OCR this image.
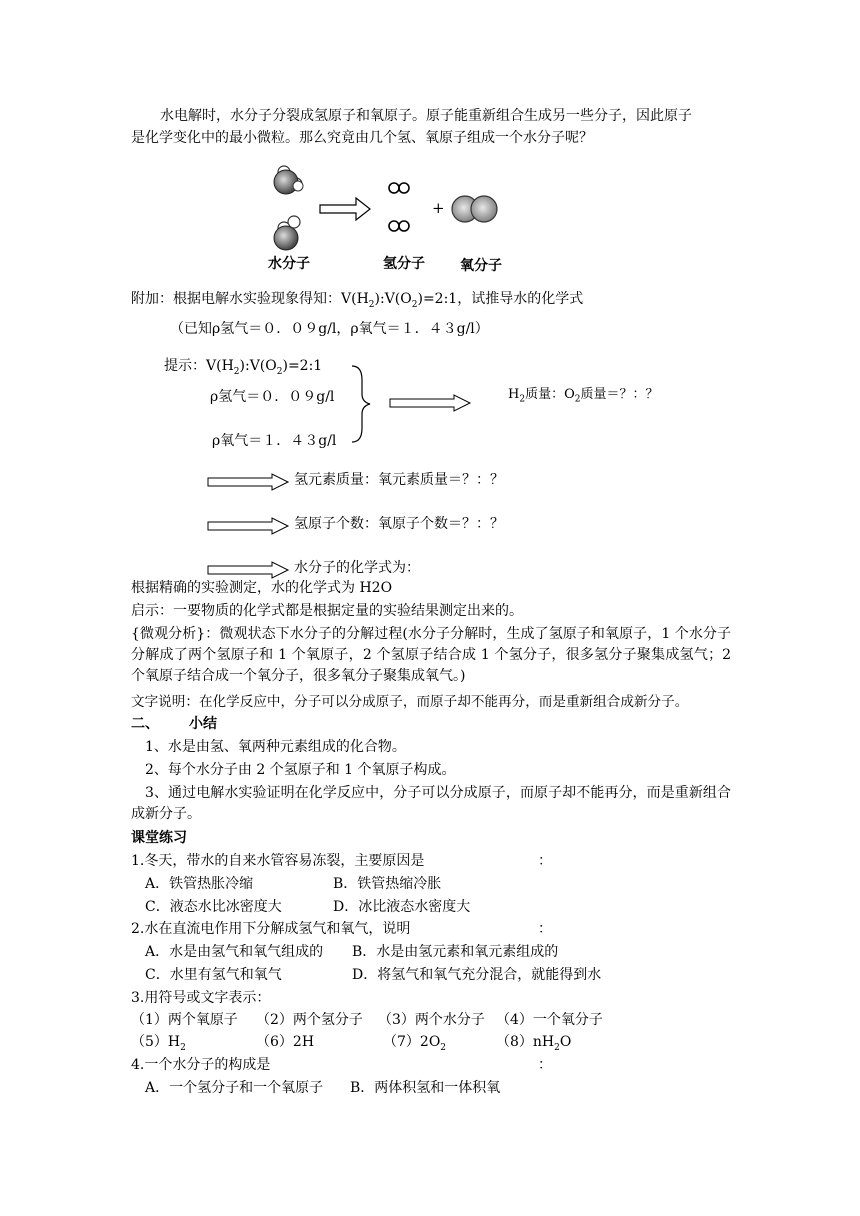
水电解时，水分子分裂成氢原子和氧原子。原子能重新组合生成另一些分子，因此原子
是化学变化中的最小微粒。那么究竟由几个氢、氧原子组成一个水分子呢？
+
水分子	氢分子	氧分子
附加：根据电解水实验现象得知：$V(H_2):V(O_2)=2:1$，试推导水的化学式
（已知ρ氢气＝０．０９g/l，ρ氧气＝１．４３g/l）
提示：$V(H_2):V(O_2)=2:1$
ρ氢气＝０．０９g/l
ρ氧气＝１．４３g/l
$H_2$质量：$O_2$质量＝？：？
氢元素质量：氧元素质量＝？：？
氢原子个数：氧原子个数＝？：？
水分子的化学式为：
根据精确的实验测定，水的化学式为 H2O
启示：一要物质的化学式都是根据定量的实验结果测定出来的。
{微观分析}：微观状态下水分子的分解过程(水分子分解时，生成了氢原子和氧原子，1 个水分子分解成了两个氢原子和 1 个氧原子，2 个氢原子结合成 1 个氢分子，很多氢分子聚集成氢气；2 个氧原子结合成一个氧分子，很多氧分子聚集成氧气。)
文字说明：在化学反应中，分子可以分成原子，而原子却不能再分，而是重新组合成新分子。
二、 小结
1、水是由氢、氧两种元素组成的化合物。
2、每个水分子由 2 个氢原子和 1 个氧原子构成。
3、通过电解水实验证明在化学反应中，分子可以分成原子，而原子却不能再分，而是重新组合成新分子。
课堂练习
1.冬天，带水的自来水管容易冻裂，主要原因是	：
A．铁管热胀冷缩	B．铁管热缩冷胀
C．液态水比冰密度大	D．冰比液态水密度大
2.水在直流电作用下分解成氢气和氧气，说明	：
A．水是由氢气和氧气组成的 B．水是由氢元素和氧元素组成的
C．水里有氢气和氧气	D．将氢气和氧气充分混合，就能得到水
3.用符号或文字表示：
（1）两个氧原子 （2）两个氢分子 （3）两个水分子 （4）一个氧分子
$(5)H_2$	（6）2H	$(7)2O_2$	$(8)nH_2O$
4.一个水分子的构成是	：
A．一个氢分子和一个氧原子 B．两体积氢和一体积氧
